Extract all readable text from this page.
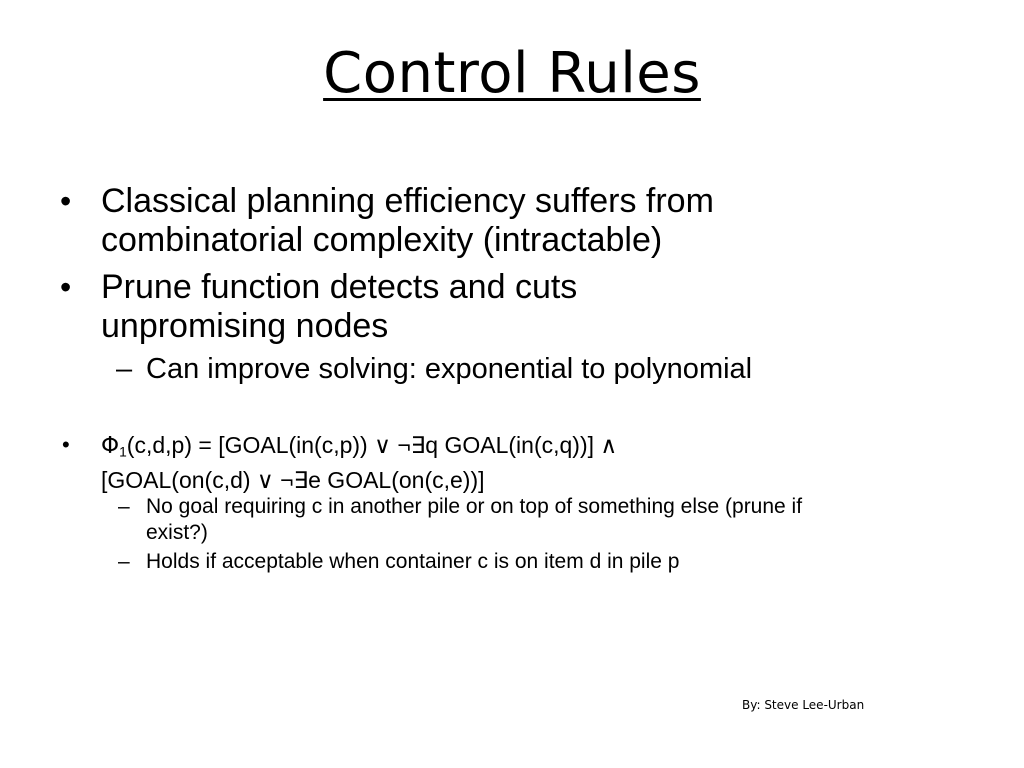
Control Rules
• Classical planning efficiency suffers from combinatorial complexity (intractable)
• Prune function detects and cuts unpromising nodes
– Can improve solving: exponential to polynomial
• $\Phi_1(c,d,p)$ = [GOAL(in(c,p)) ∨ ¬∃q GOAL(in(c,q))] ∧
[GOAL(on(c,d) ∨ ¬∃e GOAL(on(c,e))]
– No goal requiring c in another pile or on top of something else (prune if exist?)
– Holds if acceptable when container c is on item d in pile p
By: Steve Lee-Urban
